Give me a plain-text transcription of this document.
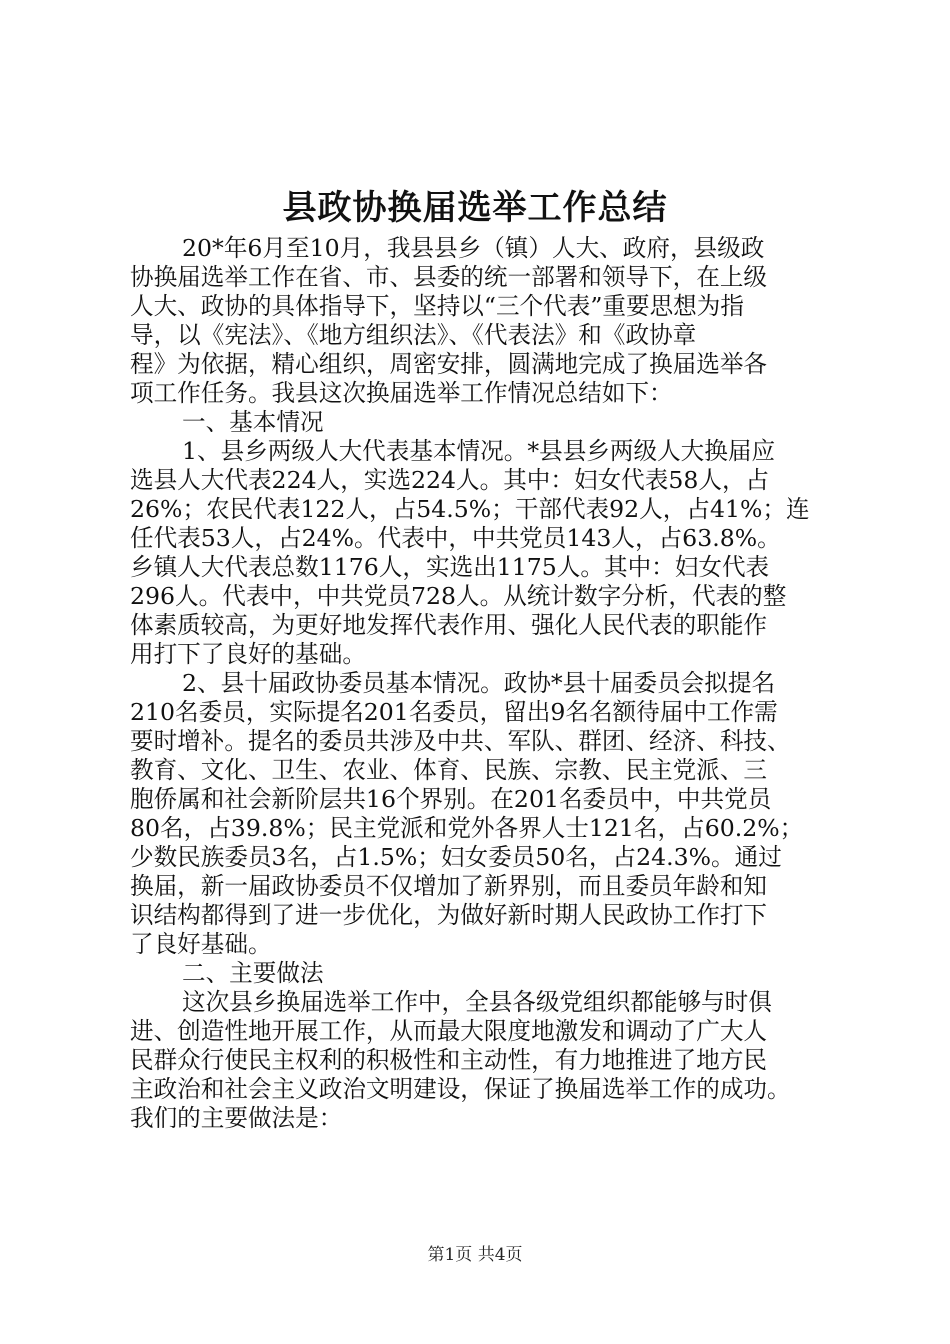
县政协换届选举工作总结
20*年6月至10月，我县县乡（镇）人大、政府，县级政
协换届选举工作在省、市、县委的统一部署和领导下，在上级
人大、政协的具体指导下，坚持以“三个代表”重要思想为指
导，以《宪法》、《地方组织法》、《代表法》和《政协章
程》为依据，精心组织，周密安排，圆满地完成了换届选举各
项工作任务。我县这次换届选举工作情况总结如下：
一、基本情况
1、县乡两级人大代表基本情况。*县县乡两级人大换届应
选县人大代表224人，实选224人。其中：妇女代表58人，占
26%；农民代表122人，占54.5%；干部代表92人，占41%；连
任代表53人，占24%。代表中，中共党员143人，占63.8%。
乡镇人大代表总数1176人，实选出1175人。其中：妇女代表
296人。代表中，中共党员728人。从统计数字分析，代表的整
体素质较高，为更好地发挥代表作用、强化人民代表的职能作
用打下了良好的基础。
2、县十届政协委员基本情况。政协*县十届委员会拟提名
210名委员，实际提名201名委员，留出9名名额待届中工作需
要时增补。提名的委员共涉及中共、军队、群团、经济、科技、
教育、文化、卫生、农业、体育、民族、宗教、民主党派、三
胞侨属和社会新阶层共16个界别。在201名委员中，中共党员
80名，占39.8%；民主党派和党外各界人士121名，占60.2%；
少数民族委员3名，占1.5%；妇女委员50名，占24.3%。通过
换届，新一届政协委员不仅增加了新界别，而且委员年龄和知
识结构都得到了进一步优化，为做好新时期人民政协工作打下
了良好基础。
二、主要做法
这次县乡换届选举工作中，全县各级党组织都能够与时俱
进、创造性地开展工作，从而最大限度地激发和调动了广大人
民群众行使民主权利的积极性和主动性，有力地推进了地方民
主政治和社会主义政治文明建设，保证了换届选举工作的成功。
我们的主要做法是：
第1页 共4页
